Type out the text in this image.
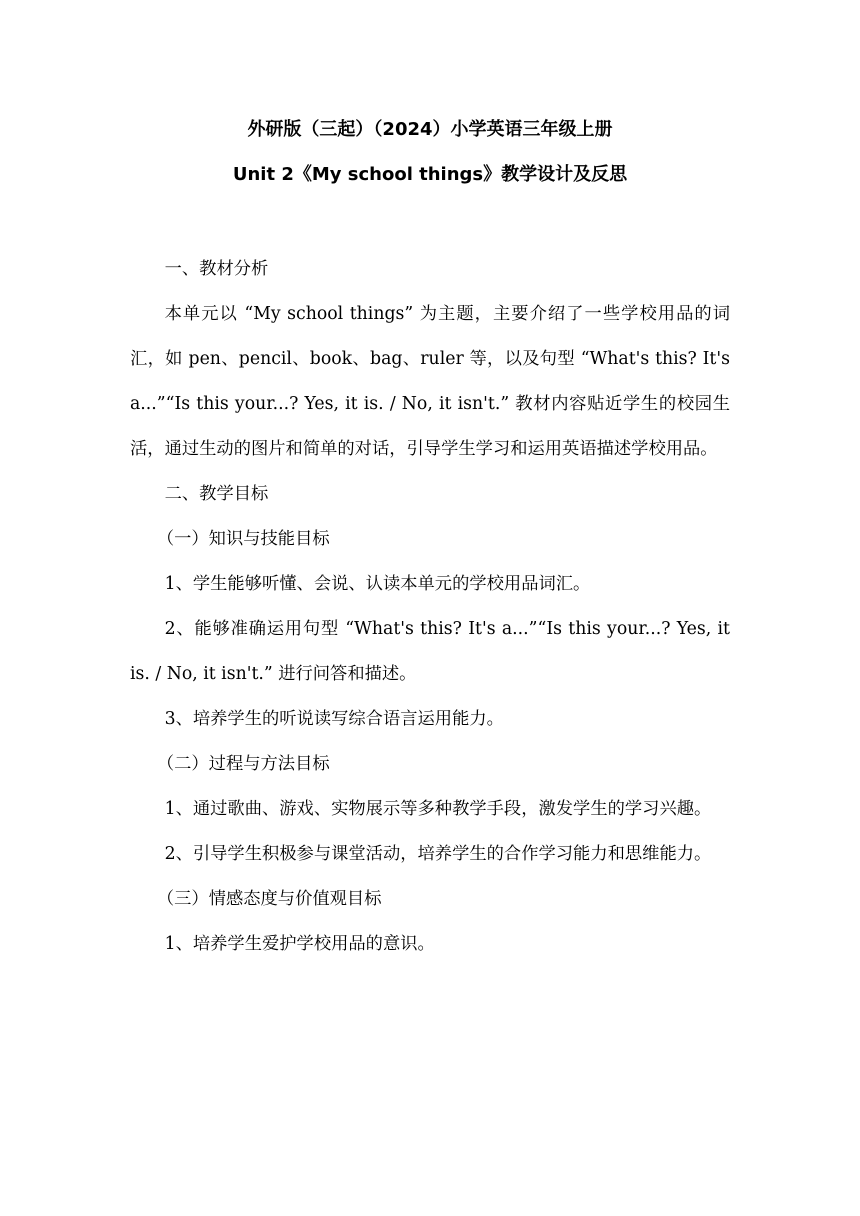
外研版（三起）（2024）小学英语三年级上册
Unit 2《My school things》教学设计及反思

一、教材分析

本单元以 “My school things” 为主题，主要介绍了一些学校用品的词汇，如 pen、pencil、book、bag、ruler 等，以及句型 “What's this? It's a...”“Is this your...? Yes, it is. / No, it isn't.” 教材内容贴近学生的校园生活，通过生动的图片和简单的对话，引导学生学习和运用英语描述学校用品。

二、教学目标

（一）知识与技能目标

1、学生能够听懂、会说、认读本单元的学校用品词汇。

2、能够准确运用句型 “What's this? It's a...”“Is this your...? Yes, it is. / No, it isn't.” 进行问答和描述。

3、培养学生的听说读写综合语言运用能力。

（二）过程与方法目标

1、通过歌曲、游戏、实物展示等多种教学手段，激发学生的学习兴趣。

2、引导学生积极参与课堂活动，培养学生的合作学习能力和思维能力。

（三）情感态度与价值观目标

1、培养学生爱护学校用品的意识。
